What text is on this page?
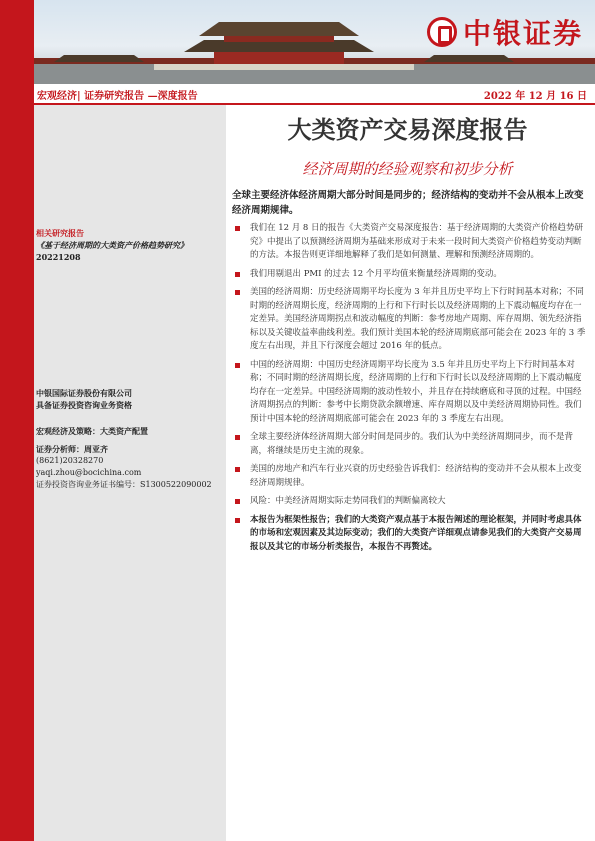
中银证券
宏观经济| 证券研究报告 —深度报告	2022 年 12 月 16 日
相关研究报告
《基于经济周期的大类资产价格趋势研究》
20221208
中银国际证券股份有限公司
具备证券投资咨询业务资格
宏观经济及策略：大类资产配置
证券分析师：周亚齐
(8621)20328270
yaqi.zhou@bocichina.com
证券投资咨询业务证书编号：S1300522090002
大类资产交易深度报告
经济周期的经验观察和初步分析
全球主要经济体经济周期大部分时间是同步的；经济结构的变动并不会从根本上改变经济周期规律。
我们在 12 月 8 日的报告《大类资产交易深度报告：基于经济周期的大类资产价格趋势研究》中提出了以预测经济周期为基础来形成对于未来一段时间大类资产价格趋势变动判断的方法。本报告则更详细地解释了我们是如何测量、理解和预测经济周期的。
我们用剔退出 PMI 的过去 12 个月平均值来衡量经济周期的变动。
美国的经济周期：历史经济周期平均长度为 3 年并且历史平均上下行时间基本对称；不同时期的经济周期长度，经济周期的上行和下行时长以及经济周期的上下震动幅度均存在一定差异。美国经济周期拐点和波动幅度的判断：参考房地产周期、库存周期、领先经济指标以及关键收益率曲线利差。我们预计美国本轮的经济周期底部可能会在 2023 年的 3 季度左右出现，并且下行深度会超过 2016 年的低点。
中国的经济周期：中国历史经济周期平均长度为 3.5 年并且历史平均上下行时间基本对称；不同时期的经济周期长度，经济周期的上行和下行时长以及经济周期的上下震动幅度均存在一定差异。中国经济周期的波动性较小，并且存在持续磨底和寻顶的过程。中国经济周期拐点的判断：参考中长期贷款余额增速、库存周期以及中美经济周期协同性。我们预计中国本轮的经济周期底部可能会在 2023 年的 3 季度左右出现。
全球主要经济体经济周期大部分时间是同步的。我们认为中美经济周期同步，而不是背离，将继续是历史主流的现象。
美国的房地产和汽车行业兴衰的历史经验告诉我们：经济结构的变动并不会从根本上改变经济周期规律。
风险：中美经济周期实际走势同我们的判断偏离较大
本报告为框架性报告；我们的大类资产观点基于本报告阐述的理论框架，并同时考虑具体的市场和宏观因素及其边际变动；我们的大类资产详细观点请参见我们的大类资产交易周报以及其它的市场分析类报告，本报告不再赘述。
